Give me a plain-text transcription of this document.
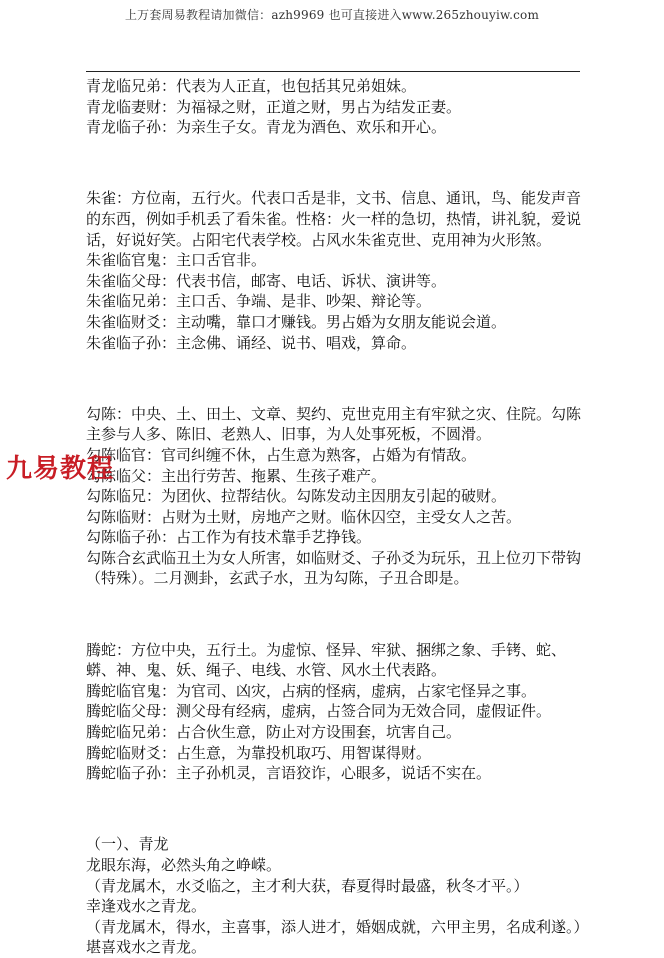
上万套周易教程请加微信：azh9969 也可直接进入www.265zhouyiw.com

青龙临兄弟：代表为人正直，也包括其兄弟姐妹。

青龙临妻财：为福禄之财，正道之财，男占为结发正妻。

青龙临子孙：为亲生子女。青龙为酒色、欢乐和开心。

朱雀：方位南，五行火。代表口舌是非，文书、信息、通讯，鸟、能发声音的东西，例如手机丢了看朱雀。性格：火一样的急切，热情，讲礼貌，爱说话，好说好笑。占阳宅代表学校。占风水朱雀克世、克用神为火形煞。

朱雀临官鬼：主口舌官非。

朱雀临父母：代表书信，邮寄、电话、诉状、演讲等。

朱雀临兄弟：主口舌、争端、是非、吵架、辩论等。

朱雀临财爻：主动嘴，靠口才赚钱。男占婚为女朋友能说会道。

朱雀临子孙：主念佛、诵经、说书、唱戏，算命。

勾陈：中央、土、田土、文章、契约、克世克用主有牢狱之灾、住院。勾陈主参与人多、陈旧、老熟人、旧事，为人处事死板，不圆滑。

勾陈临官：官司纠缠不休，占生意为熟客，占婚为有情敌。

勾陈临父：主出行劳苦、拖累、生孩子难产。

勾陈临兄：为团伙、拉帮结伙。勾陈发动主因朋友引起的破财。

勾陈临财：占财为土财，房地产之财。临休囚空，主受女人之苦。

勾陈临子孙：占工作为有技术靠手艺挣钱。

勾陈合玄武临丑土为女人所害，如临财爻、子孙爻为玩乐，丑上位刃下带钩（特殊）。二月测卦，玄武子水，丑为勾陈，子丑合即是。

腾蛇：方位中央，五行土。为虚惊、怪异、牢狱、捆绑之象、手铐、蛇、蟒、神、鬼、妖、绳子、电线、水管、风水土代表路。

腾蛇临官鬼：为官司、凶灾，占病的怪病，虚病，占家宅怪异之事。

腾蛇临父母：测父母有经病，虚病，占签合同为无效合同，虚假证件。

腾蛇临兄弟：占合伙生意，防止对方设围套，坑害自己。

腾蛇临财爻：占生意，为靠投机取巧、用智谋得财。

腾蛇临子孙：主子孙机灵，言语狡诈，心眼多，说话不实在。

（一）、青龙

龙眼东海，必然头角之峥嵘。

（青龙属木，水爻临之，主才利大获，春夏得时最盛，秋冬才平。）

幸逢戏水之青龙。

（青龙属木，得水，主喜事，添人进才，婚姻成就，六甲主男，名成利遂。）

堪喜戏水之青龙。

九易教程
